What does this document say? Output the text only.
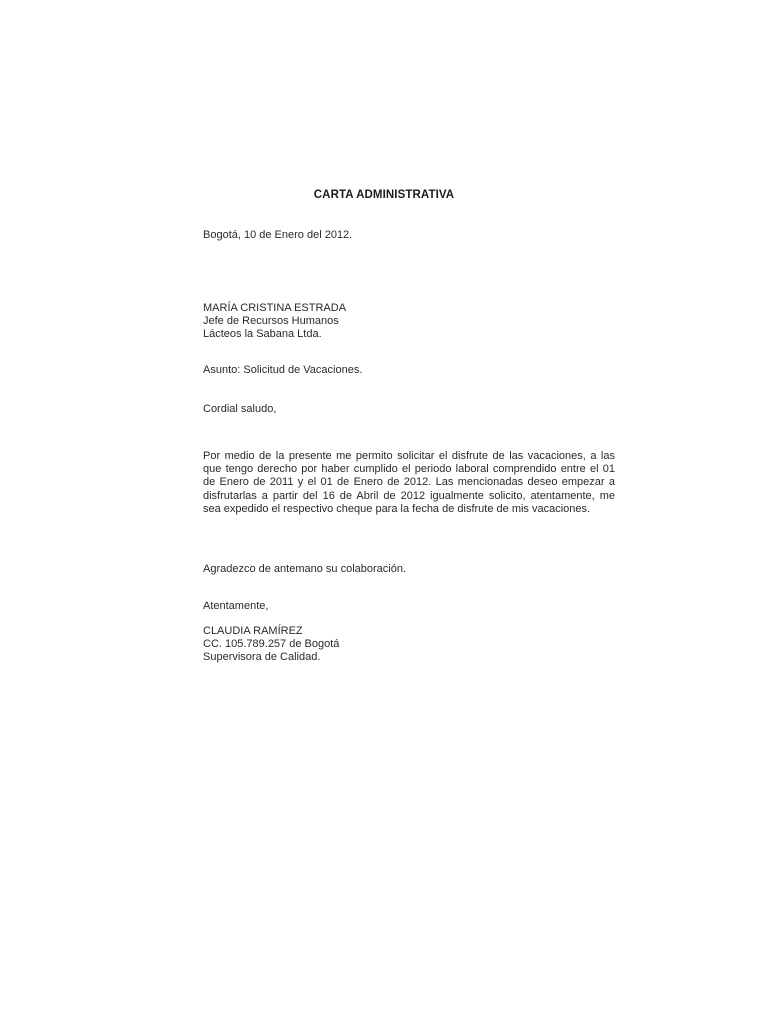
CARTA ADMINISTRATIVA
Bogotá, 10 de Enero del 2012.
MARÍA CRISTINA ESTRADA
Jefe de Recursos Humanos
Lácteos la Sabana Ltda.
Asunto: Solicitud de Vacaciones.
Cordial saludo,
Por medio de la presente me permito solicitar el disfrute de las vacaciones, a las
que tengo derecho por haber cumplido el periodo laboral comprendido entre el 01
de Enero de 2011 y el 01 de Enero de 2012. Las mencionadas deseo empezar a
disfrutarlas a partir del 16 de Abril de 2012 igualmente solicito, atentamente, me
sea expedido el respectivo cheque para la fecha de disfrute de mis vacaciones.
Agradezco de antemano su colaboración.
Atentamente,
CLAUDIA RAMÍREZ
CC. 105.789.257 de Bogotá
Supervisora de Calidad.
